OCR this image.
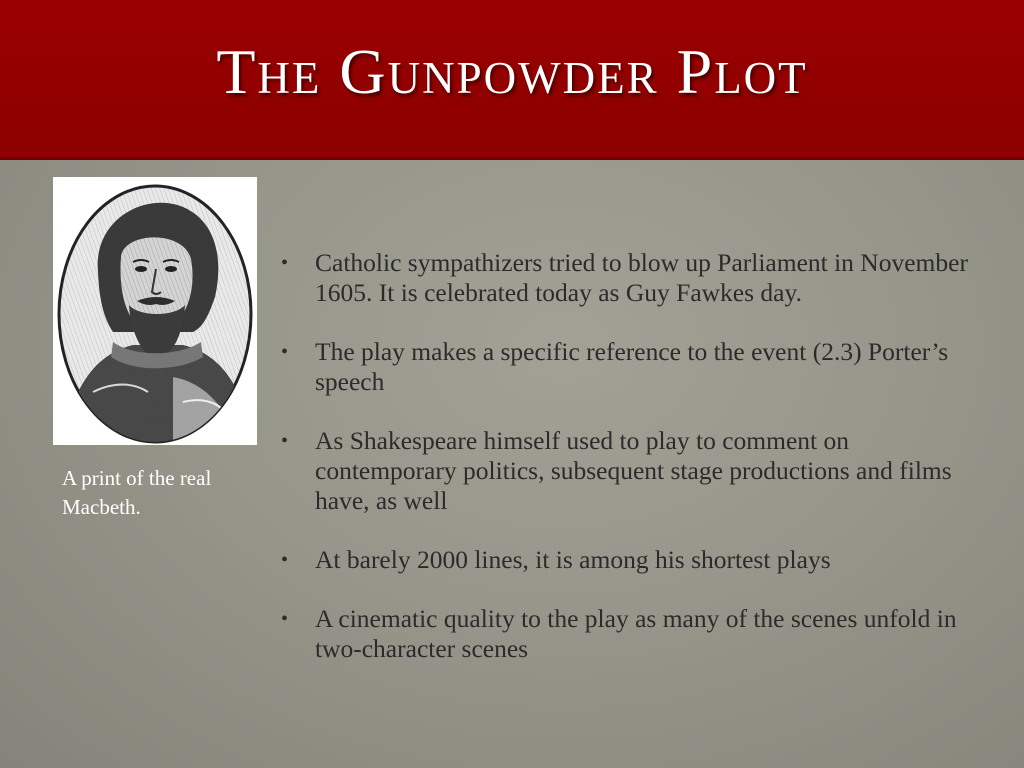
The Gunpowder Plot
A print of the real Macbeth.
• Catholic sympathizers tried to blow up Parliament in November 1605. It is celebrated today as Guy Fawkes day.
• The play makes a specific reference to the event (2.3) Porter’s speech
• As Shakespeare himself used to play to comment on contemporary politics, subsequent stage productions and films have, as well
• At barely 2000 lines, it is among his shortest plays
• A cinematic quality to the play as many of the scenes unfold in two-character scenes
